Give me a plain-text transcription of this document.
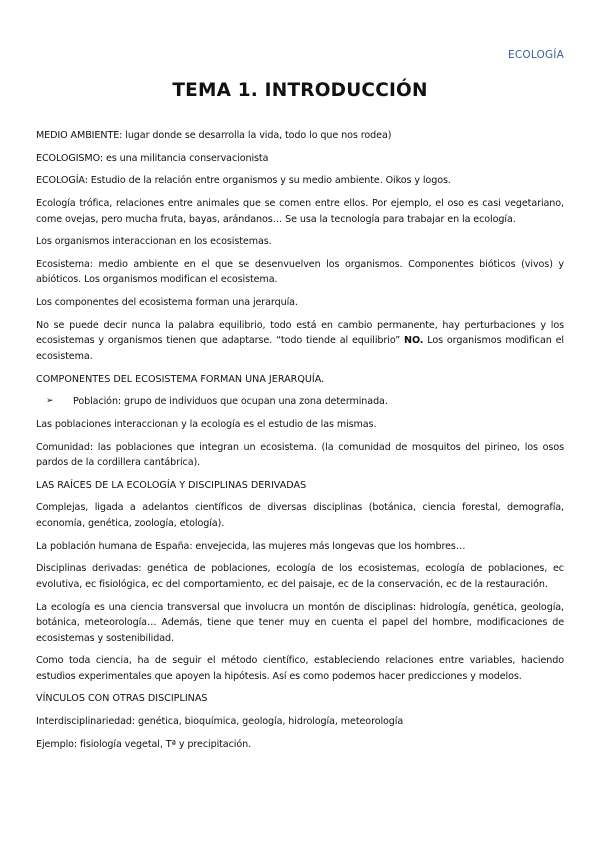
ECOLOGÍA
TEMA 1. INTRODUCCIÓN
MEDIO AMBIENTE: lugar donde se desarrolla la vida, todo lo que nos rodea)
ECOLOGISMO: es una militancia conservacionista
ECOLOGÍA: Estudio de la relación entre organismos y su medio ambiente. Oikos y logos.
Ecología trófica, relaciones entre animales que se comen entre ellos. Por ejemplo, el oso es casi vegetariano, come ovejas, pero mucha fruta, bayas, arándanos… Se usa la tecnología para trabajar en la ecología.
Los organismos interaccionan en los ecosistemas.
Ecosistema: medio ambiente en el que se desenvuelven los organismos. Componentes bióticos (vivos) y abióticos. Los organismos modifican el ecosistema.
Los componentes del ecosistema forman una jerarquía.
No se puede decir nunca la palabra equilibrio, todo está en cambio permanente, hay perturbaciones y los ecosistemas y organismos tienen que adaptarse. “todo tiende al equilibrio” NO. Los organismos modifican el ecosistema.
COMPONENTES DEL ECOSISTEMA FORMAN UNA JERARQUÍA.
➢ Población: grupo de individuos que ocupan una zona determinada.
Las poblaciones interaccionan y la ecología es el estudio de las mismas.
Comunidad: las poblaciones que integran un ecosistema. (la comunidad de mosquitos del pirineo, los osos pardos de la cordillera cantábrica).
LAS RAÍCES DE LA ECOLOGÍA Y DISCIPLINAS DERIVADAS
Complejas, ligada a adelantos científicos de diversas disciplinas (botánica, ciencia forestal, demografía, economía, genética, zoología, etología).
La población humana de España: envejecida, las mujeres más longevas que los hombres…
Disciplinas derivadas: genética de poblaciones, ecología de los ecosistemas, ecología de poblaciones, ec evolutiva, ec fisiológica, ec del comportamiento, ec del paisaje, ec de la conservación, ec de la restauración.
La ecología es una ciencia transversal que involucra un montón de disciplinas: hidrología, genética, geología, botánica, meteorología… Además, tiene que tener muy en cuenta el papel del hombre, modificaciones de ecosistemas y sostenibilidad.
Como toda ciencia, ha de seguir el método científico, estableciendo relaciones entre variables, haciendo estudios experimentales que apoyen la hipótesis. Así es como podemos hacer predicciones y modelos.
VÍNCULOS CON OTRAS DISCIPLINAS
Interdisciplinariedad: genética, bioquímica, geología, hidrología, meteorología
Ejemplo: fisiología vegetal, Tª y precipitación.
